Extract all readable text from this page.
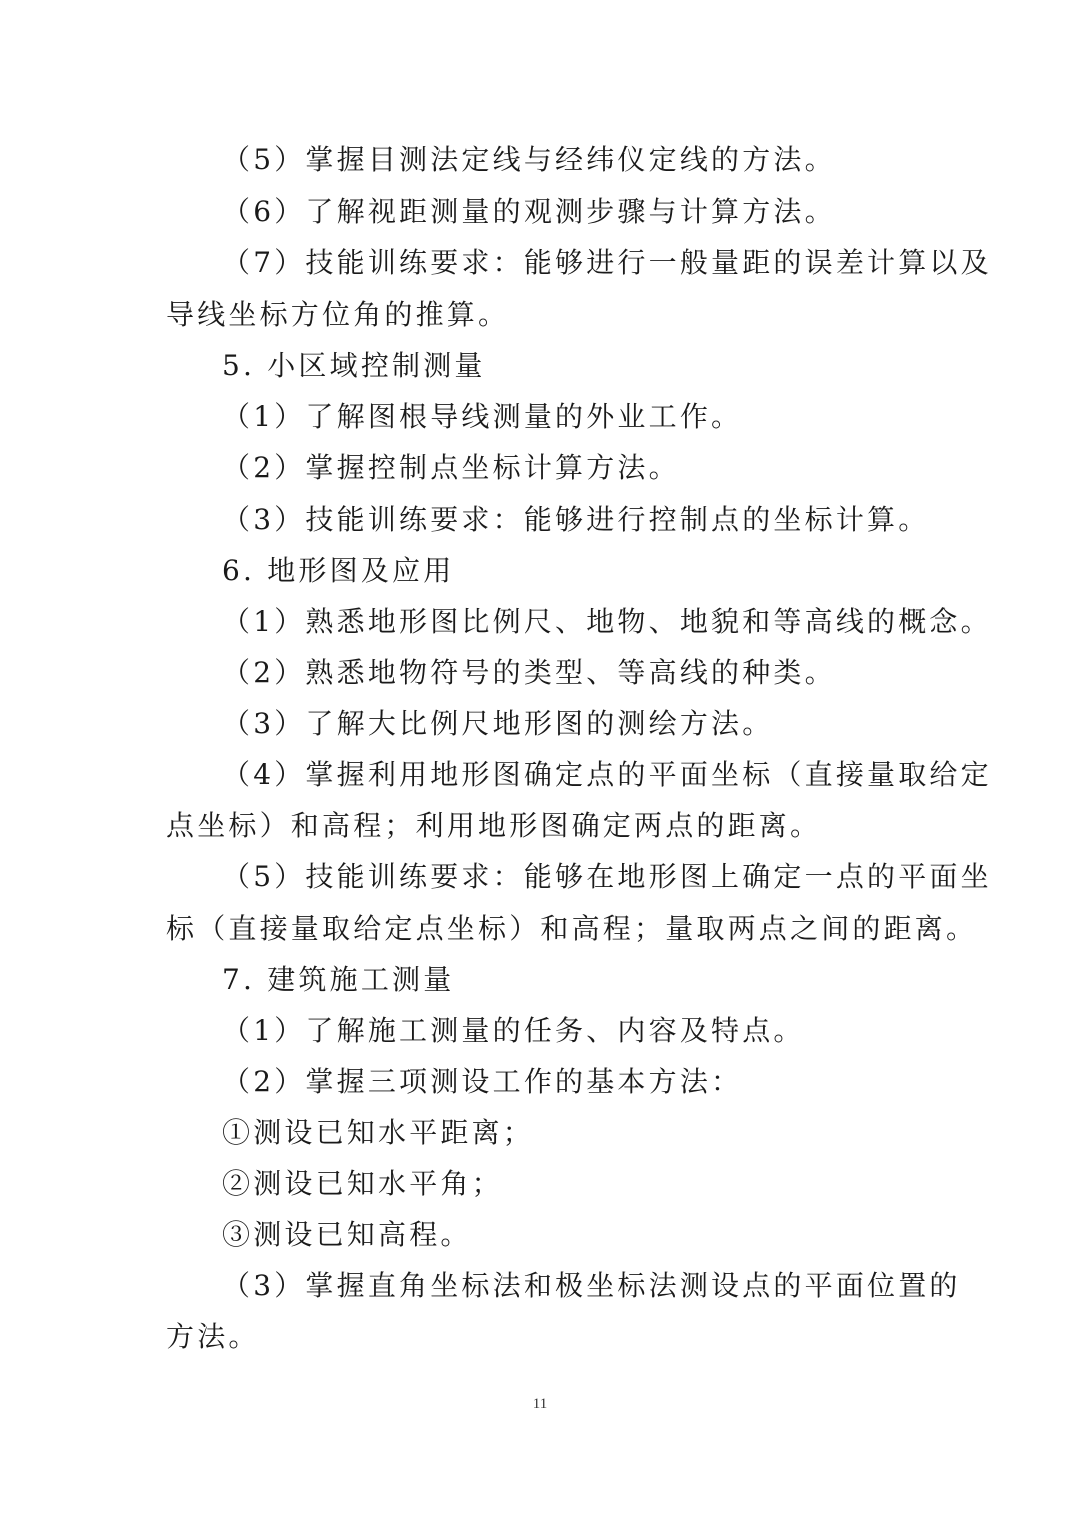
（5）掌握目测法定线与经纬仪定线的方法。
（6）了解视距测量的观测步骤与计算方法。
（7）技能训练要求：能够进行一般量距的误差计算以及
导线坐标方位角的推算。
5. 小区域控制测量
（1）了解图根导线测量的外业工作。
（2）掌握控制点坐标计算方法。
（3）技能训练要求：能够进行控制点的坐标计算。
6. 地形图及应用
（1）熟悉地形图比例尺、地物、地貌和等高线的概念。
（2）熟悉地物符号的类型、等高线的种类。
（3）了解大比例尺地形图的测绘方法。
（4）掌握利用地形图确定点的平面坐标（直接量取给定
点坐标）和高程；利用地形图确定两点的距离。
（5）技能训练要求：能够在地形图上确定一点的平面坐
标（直接量取给定点坐标）和高程；量取两点之间的距离。
7. 建筑施工测量
（1）了解施工测量的任务、内容及特点。
（2）掌握三项测设工作的基本方法：
①测设已知水平距离；
②测设已知水平角；
③测设已知高程。
（3）掌握直角坐标法和极坐标法测设点的平面位置的
方法。
11
